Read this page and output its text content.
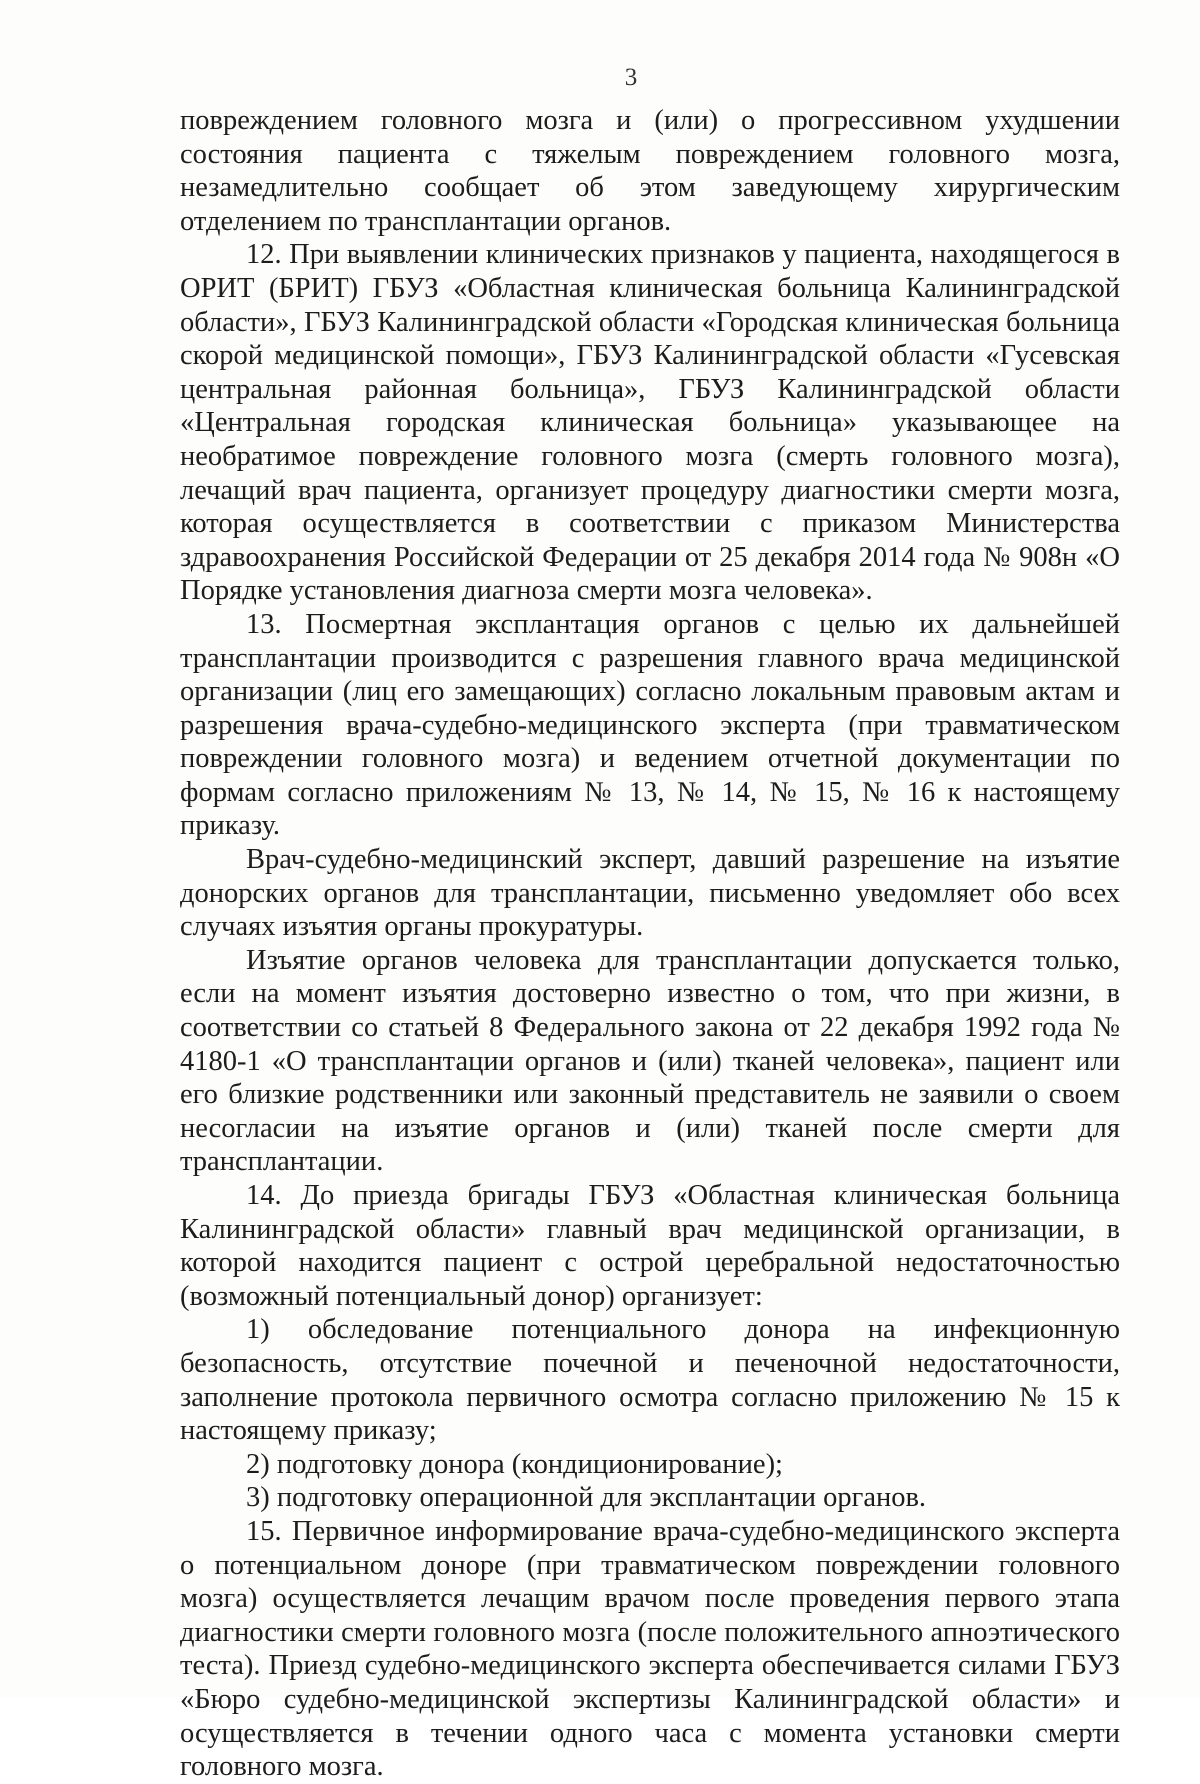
3

повреждением головного мозга и (или) о прогрессивном ухудшении состояния пациента с тяжелым повреждением головного мозга, незамедлительно сообщает об этом заведующему хирургическим отделением по трансплантации органов.

12. При выявлении клинических признаков у пациента, находящегося в ОРИТ (БРИТ) ГБУЗ «Областная клиническая больница Калининградской области», ГБУЗ Калининградской области «Городская клиническая больница скорой медицинской помощи», ГБУЗ Калининградской области «Гусевская центральная районная больница», ГБУЗ Калининградской области «Центральная городская клиническая больница» указывающее на необратимое повреждение головного мозга (смерть головного мозга), лечащий врач пациента, организует процедуру диагностики смерти мозга, которая осуществляется в соответствии с приказом Министерства здравоохранения Российской Федерации от 25 декабря 2014 года № 908н «О Порядке установления диагноза смерти мозга человека».

13. Посмертная эксплантация органов с целью их дальнейшей трансплантации производится с разрешения главного врача медицинской организации (лиц его замещающих) согласно локальным правовым актам и разрешения врача-судебно-медицинского эксперта (при травматическом повреждении головного мозга) и ведением отчетной документации по формам согласно приложениям № 13, № 14, № 15, № 16 к настоящему приказу.

Врач-судебно-медицинский эксперт, давший разрешение на изъятие донорских органов для трансплантации, письменно уведомляет обо всех случаях изъятия органы прокуратуры.

Изъятие органов человека для трансплантации допускается только, если на момент изъятия достоверно известно о том, что при жизни, в соответствии со статьей 8 Федерального закона от 22 декабря 1992 года № 4180-1 «О трансплантации органов и (или) тканей человека», пациент или его близкие родственники или законный представитель не заявили о своем несогласии на изъятие органов и (или) тканей после смерти для трансплантации.

14. До приезда бригады ГБУЗ «Областная клиническая больница Калининградской области» главный врач медицинской организации, в которой находится пациент с острой церебральной недостаточностью (возможный потенциальный донор) организует:

1) обследование потенциального донора на инфекционную безопасность, отсутствие почечной и печеночной недостаточности, заполнение протокола первичного осмотра согласно приложению № 15 к настоящему приказу;

2) подготовку донора (кондиционирование);

3) подготовку операционной для эксплантации органов.

15. Первичное информирование врача-судебно-медицинского эксперта о потенциальном доноре (при травматическом повреждении головного мозга) осуществляется лечащим врачом после проведения первого этапа диагностики смерти головного мозга (после положительного апноэтического теста). Приезд судебно-медицинского эксперта обеспечивается силами ГБУЗ «Бюро судебно-медицинской экспертизы Калининградской области» и осуществляется в течении одного часа с момента установки смерти головного мозга.
